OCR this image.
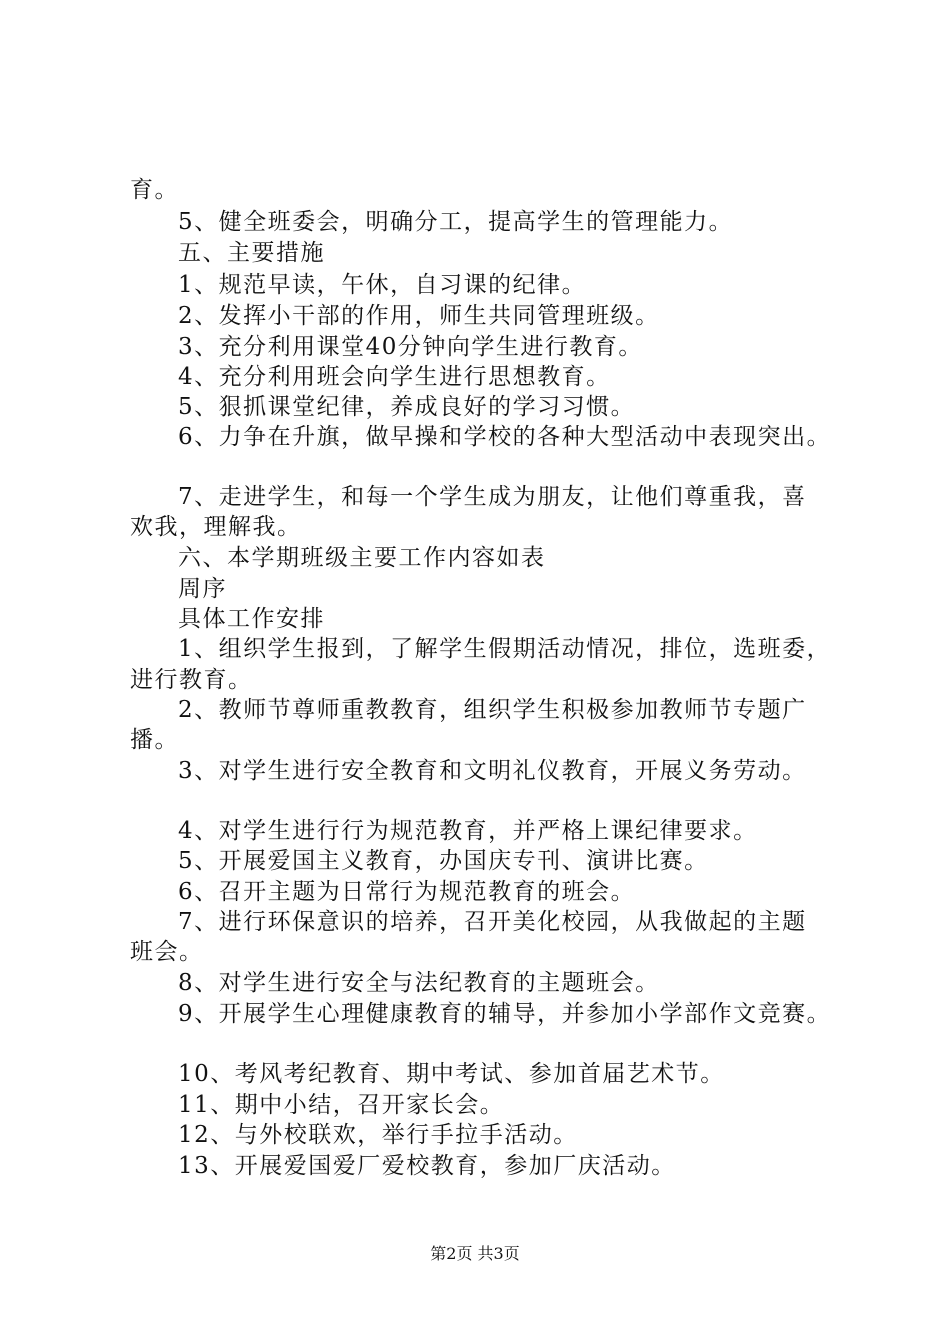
育。
5、健全班委会，明确分工，提高学生的管理能力。
五、主要措施
1、规范早读，午休，自习课的纪律。
2、发挥小干部的作用，师生共同管理班级。
3、充分利用课堂40分钟向学生进行教育。
4、充分利用班会向学生进行思想教育。
5、狠抓课堂纪律，养成良好的学习习惯。
6、力争在升旗，做早操和学校的各种大型活动中表现突出。
7、走进学生，和每一个学生成为朋友，让他们尊重我，喜
欢我，理解我。
六、本学期班级主要工作内容如表
周序
具体工作安排
1、组织学生报到，了解学生假期活动情况，排位，选班委，
进行教育。
2、教师节尊师重教教育，组织学生积极参加教师节专题广
播。
3、对学生进行安全教育和文明礼仪教育，开展义务劳动。
4、对学生进行行为规范教育，并严格上课纪律要求。
5、开展爱国主义教育，办国庆专刊、演讲比赛。
6、召开主题为日常行为规范教育的班会。
7、进行环保意识的培养，召开美化校园，从我做起的主题
班会。
8、对学生进行安全与法纪教育的主题班会。
9、开展学生心理健康教育的辅导，并参加小学部作文竞赛。
10、考风考纪教育、期中考试、参加首届艺术节。
11、期中小结，召开家长会。
12、与外校联欢，举行手拉手活动。
13、开展爱国爱厂爱校教育，参加厂庆活动。
第2页 共3页
